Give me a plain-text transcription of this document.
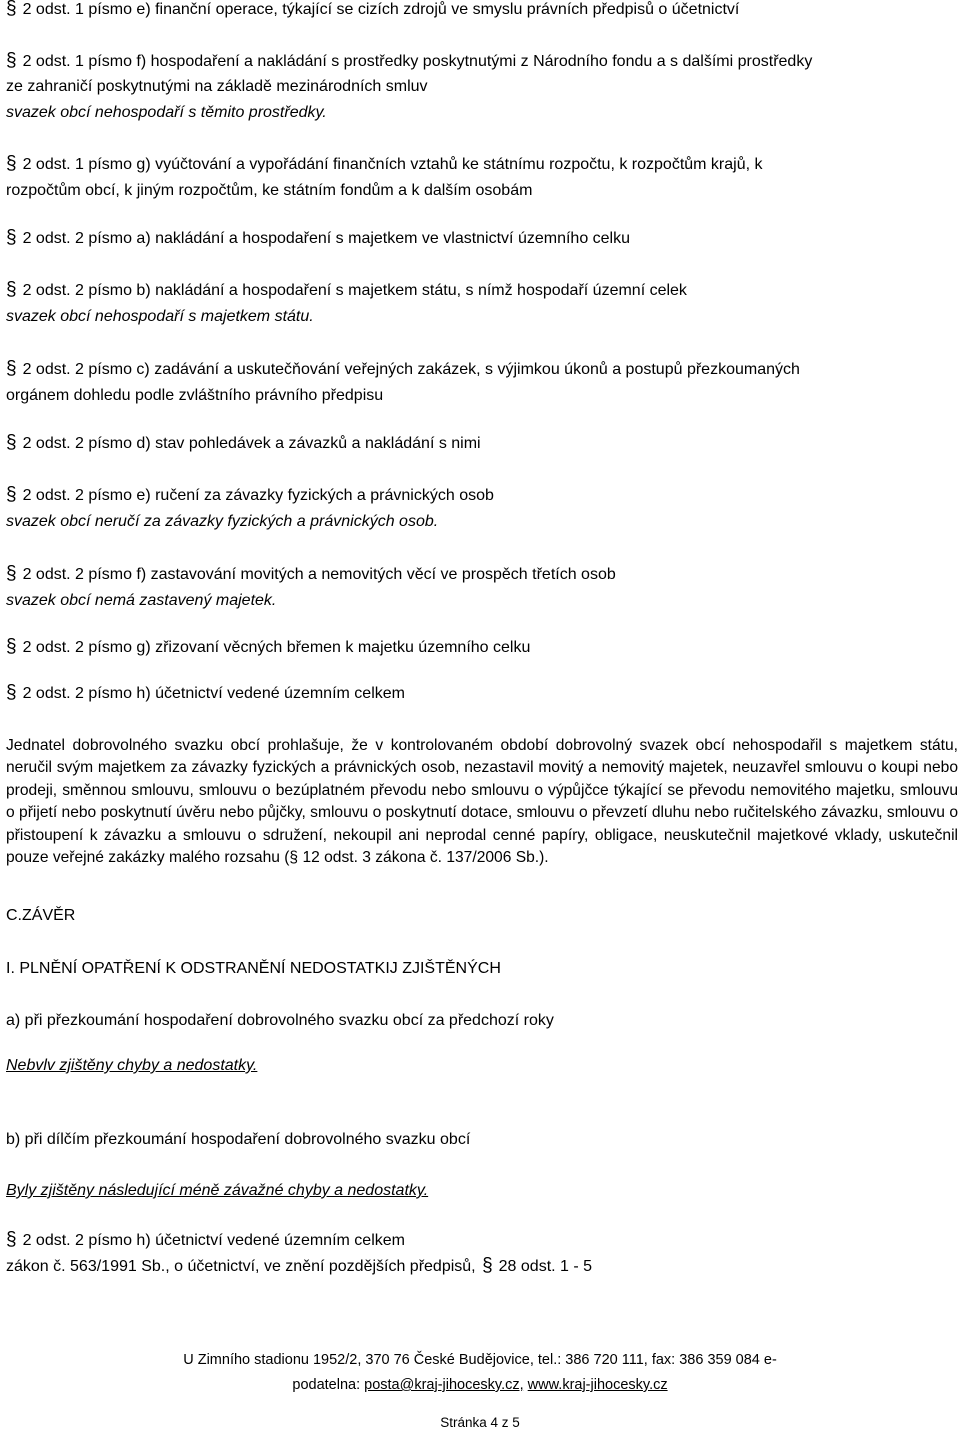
§ 2 odst. 1 písmo e) finanční operace, týkající se cizích zdrojů ve smyslu právních předpisů o účetnictví
§ 2 odst. 1 písmo f) hospodaření a nakládání s prostředky poskytnutými z Národního fondu a s dalšími prostředky
ze zahraničí poskytnutými na základě mezinárodních smluv
svazek obcí nehospodaří s těmito prostředky.
§ 2 odst. 1 písmo g) vyúčtování a vypořádání finančních vztahů ke státnímu rozpočtu, k rozpočtům krajů, k
rozpočtům obcí, k jiným rozpočtům, ke státním fondům a k dalším osobám
§ 2 odst. 2 písmo a) nakládání a hospodaření s majetkem ve vlastnictví územního celku
§ 2 odst. 2 písmo b) nakládání a hospodaření s majetkem státu, s nímž hospodaří územní celek
svazek obcí nehospodaří s majetkem státu.
§ 2 odst. 2 písmo c) zadávání a uskutečňování veřejných zakázek, s výjimkou úkonů a postupů přezkoumaných
orgánem dohledu podle zvláštního právního předpisu
§ 2 odst. 2 písmo d) stav pohledávek a závazků a nakládání s nimi
§ 2 odst. 2 písmo e) ručení za závazky fyzických a právnických osob
svazek obcí neručí za závazky fyzických a právnických osob.
§ 2 odst. 2 písmo f) zastavování movitých a nemovitých věcí ve prospěch třetích osob
svazek obcí nemá zastavený majetek.
§ 2 odst. 2 písmo g) zřizovaní věcných břemen k majetku územního celku
§ 2 odst. 2 písmo h) účetnictví vedené územním celkem
Jednatel dobrovolného svazku obcí prohlašuje, že v kontrolovaném období dobrovolný svazek obcí nehospodařil s majetkem státu, neručil svým majetkem za závazky fyzických a právnických osob, nezastavil movitý a nemovitý majetek, neuzavřel smlouvu o koupi nebo prodeji, směnnou smlouvu, smlouvu o bezúplatném převodu nebo smlouvu o výpůjčce týkající se převodu nemovitého majetku, smlouvu o přijetí nebo poskytnutí úvěru nebo půjčky, smlouvu o poskytnutí dotace, smlouvu o převzetí dluhu nebo ručitelského závazku, smlouvu o přistoupení k závazku a smlouvu o sdružení, nekoupil ani neprodal cenné papíry, obligace, neuskutečnil majetkové vklady, uskutečnil pouze veřejné zakázky malého rozsahu (§ 12 odst. 3 zákona č. 137/2006 Sb.).
C.ZÁVĚR
I. PLNĚNÍ OPATŘENÍ K ODSTRANĚNÍ NEDOSTATKIJ ZJIŠTĚNÝCH
a) při přezkoumání hospodaření dobrovolného svazku obcí za předchozí roky
Nebvlv zjištěny chyby a nedostatky.
b) při dílčím přezkoumání hospodaření dobrovolného svazku obcí
Byly zjištěny následující méně závažné chyby a nedostatky.
§ 2 odst. 2 písmo h) účetnictví vedené územním celkem
zákon č. 563/1991 Sb., o účetnictví, ve znění pozdějších předpisů, § 28 odst. 1 - 5
U Zimního stadionu 1952/2, 370 76 České Budějovice, tel.: 386 720 111, fax: 386 359 084 e-
podatelna: posta@kraj-jihocesky.cz, www.kraj-jihocesky.cz
Stránka 4 z 5
